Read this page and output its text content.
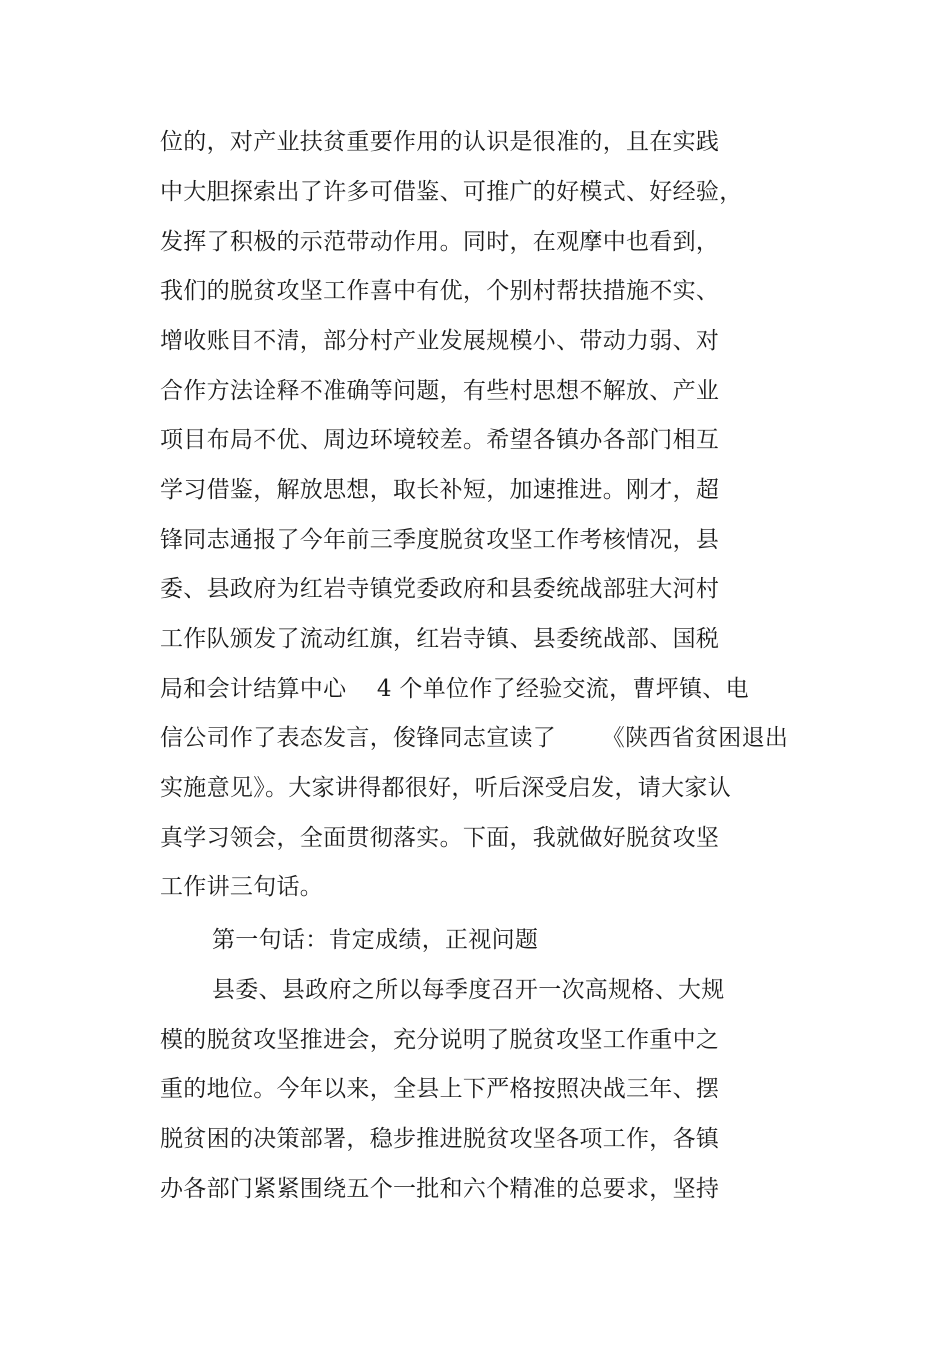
位的，对产业扶贫重要作用的认识是很准的，且在实践
中大胆探索出了许多可借鉴、可推广的好模式、好经验，
发挥了积极的示范带动作用。同时，在观摩中也看到，
我们的脱贫攻坚工作喜中有优，个别村帮扶措施不实、
增收账目不清，部分村产业发展规模小、带动力弱、对
合作方法诠释不准确等问题，有些村思想不解放、产业
项目布局不优、周边环境较差。希望各镇办各部门相互
学习借鉴，解放思想，取长补短，加速推进。刚才，超
锋同志通报了今年前三季度脱贫攻坚工作考核情况，县
委、县政府为红岩寺镇党委政府和县委统战部驻大河村
工作队颁发了流动红旗，红岩寺镇、县委统战部、国税
局和会计结算中心    4 个单位作了经验交流，曹坪镇、电
信公司作了表态发言，俊锋同志宣读了      《陕西省贫困退出
实施意见》。大家讲得都很好，听后深受启发，请大家认
真学习领会，全面贯彻落实。下面，我就做好脱贫攻坚
工作讲三句话。
第一句话：肯定成绩，正视问题
县委、县政府之所以每季度召开一次高规格、大规
模的脱贫攻坚推进会，充分说明了脱贫攻坚工作重中之
重的地位。今年以来，全县上下严格按照决战三年、摆
脱贫困的决策部署，稳步推进脱贫攻坚各项工作，各镇
办各部门紧紧围绕五个一批和六个精准的总要求，坚持
